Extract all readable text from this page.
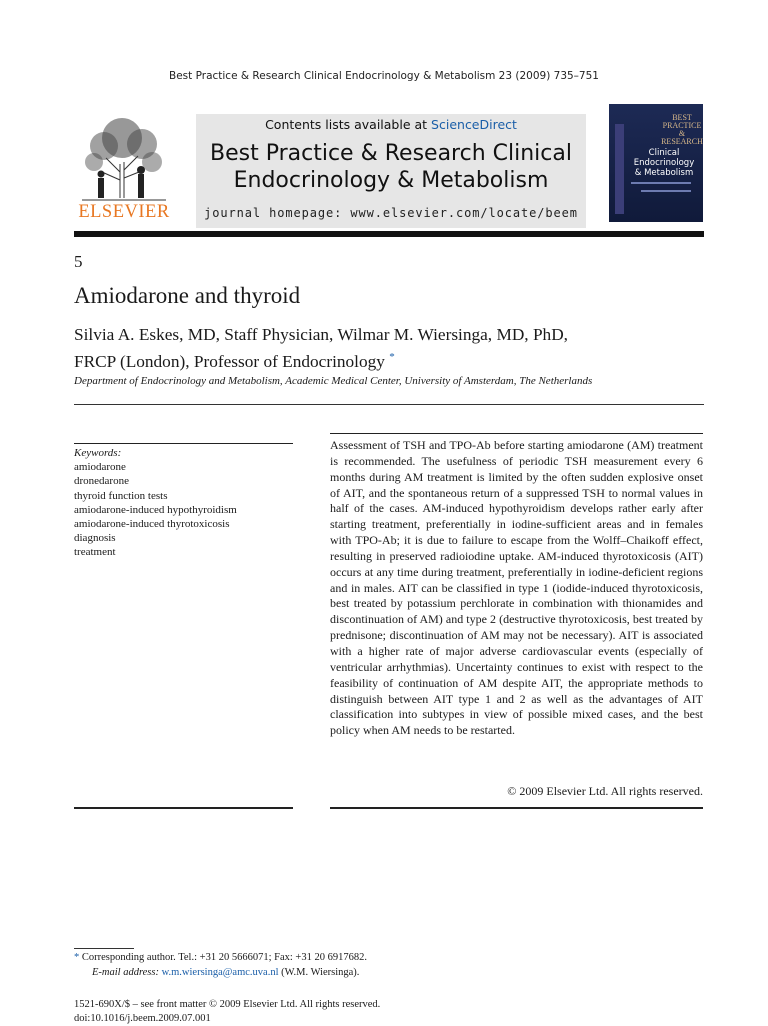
Best Practice & Research Clinical Endocrinology & Metabolism 23 (2009) 735–751
ELSEVIER
Contents lists available at ScienceDirect
Best Practice & Research Clinical
Endocrinology & Metabolism
journal homepage: www.elsevier.com/locate/beem
BEST
PRACTICE
& RESEARCH
Clinical
Endocrinology
& Metabolism
5
Amiodarone and thyroid
Silvia A. Eskes, MD, Staff Physician, Wilmar M. Wiersinga, MD, PhD,
FRCP (London), Professor of Endocrinology *
Department of Endocrinology and Metabolism, Academic Medical Center, University of Amsterdam, The Netherlands
Keywords:
amiodarone
dronedarone
thyroid function tests
amiodarone-induced hypothyroidism
amiodarone-induced thyrotoxicosis
diagnosis
treatment

Assessment of TSH and TPO-Ab before starting amiodarone (AM) treatment is recommended. The usefulness of periodic TSH measurement every 6 months during AM treatment is limited by the often sudden explosive onset of AIT, and the spontaneous return of a suppressed TSH to normal values in half of the cases. AM-induced hypothyroidism develops rather early after starting treatment, preferentially in iodine-sufficient areas and in females with TPO-Ab; it is due to failure to escape from the Wolff–Chaikoff effect, resulting in preserved radioiodine uptake. AM-induced thyrotoxicosis (AIT) occurs at any time during treatment, preferentially in iodine-deficient regions and in males. AIT can be classified in type 1 (iodide-induced thyrotoxicosis, best treated by potassium perchlorate in combination with thionamides and discontinuation of AM) and type 2 (destructive thyrotoxicosis, best treated by prednisone; discontinuation of AM may not be necessary). AIT is associated with a higher rate of major adverse cardiovascular events (especially of ventricular arrhythmias). Uncertainty continues to exist with respect to the feasibility of continuation of AM despite AIT, the appropriate methods to distinguish between AIT type 1 and 2 as well as the advantages of AIT classification into subtypes in view of possible mixed cases, and the best policy when AM needs to be restarted.

© 2009 Elsevier Ltd. All rights reserved.
* Corresponding author. Tel.: +31 20 5666071; Fax: +31 20 6917682.
E-mail address: w.m.wiersinga@amc.uva.nl (W.M. Wiersinga).
1521-690X/$ – see front matter © 2009 Elsevier Ltd. All rights reserved.
doi:10.1016/j.beem.2009.07.001
